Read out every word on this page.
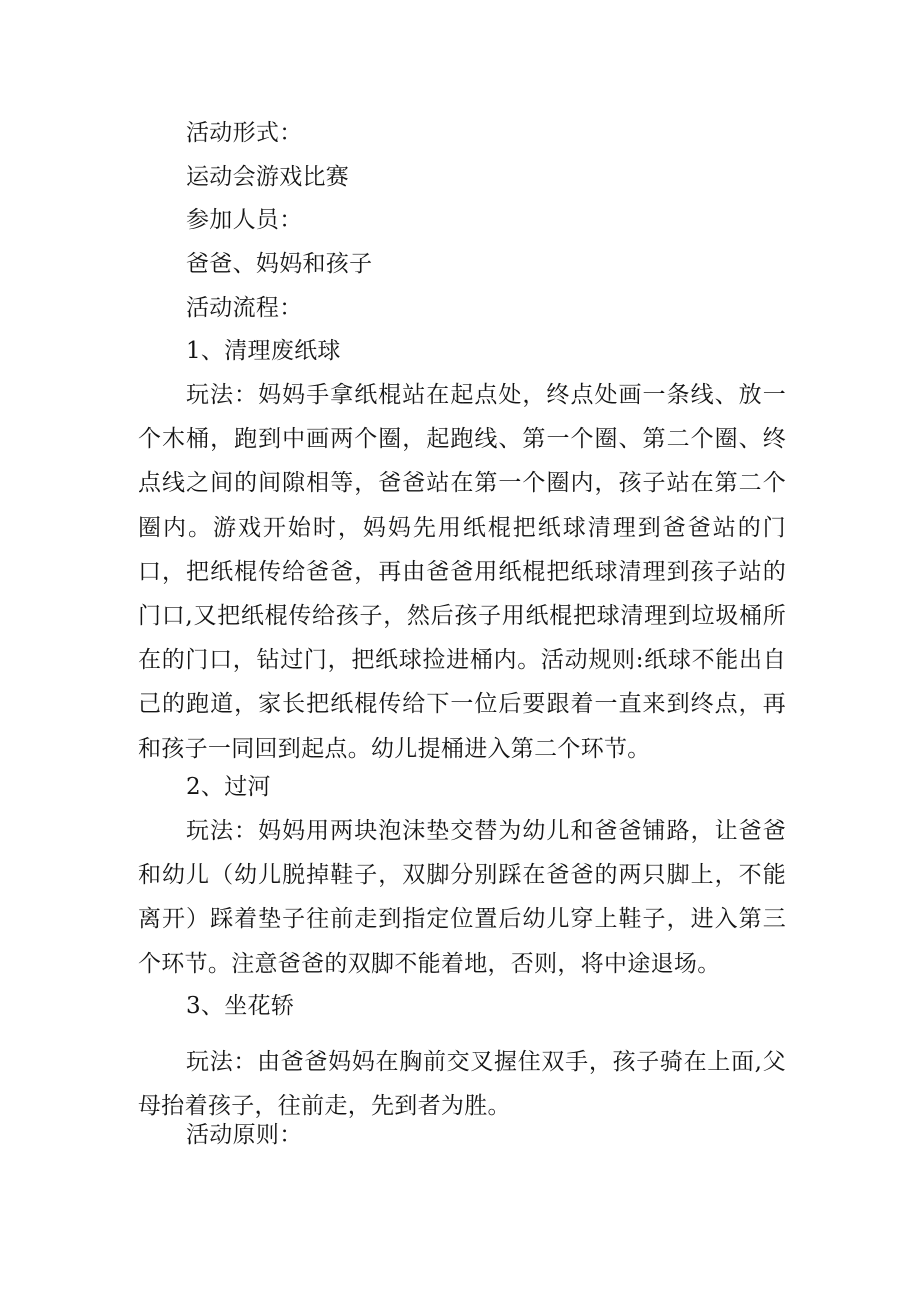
活动形式：

运动会游戏比赛

参加人员：

爸爸、妈妈和孩子

活动流程：

1、清理废纸球

玩法：妈妈手拿纸棍站在起点处，终点处画一条线、放一个木桶，跑到中画两个圈，起跑线、第一个圈、第二个圈、终点线之间的间隙相等，爸爸站在第一个圈内，孩子站在第二个圈内。游戏开始时，妈妈先用纸棍把纸球清理到爸爸站的门口，把纸棍传给爸爸，再由爸爸用纸棍把纸球清理到孩子站的门口,又把纸棍传给孩子，然后孩子用纸棍把球清理到垃圾桶所在的门口，钻过门，把纸球捡进桶内。活动规则:纸球不能出自己的跑道，家长把纸棍传给下一位后要跟着一直来到终点，再和孩子一同回到起点。幼儿提桶进入第二个环节。

2、过河

玩法：妈妈用两块泡沫垫交替为幼儿和爸爸铺路，让爸爸和幼儿（幼儿脱掉鞋子，双脚分别踩在爸爸的两只脚上，不能离开）踩着垫子往前走到指定位置后幼儿穿上鞋子，进入第三个环节。注意爸爸的双脚不能着地，否则，将中途退场。

3、坐花轿

玩法：由爸爸妈妈在胸前交叉握住双手，孩子骑在上面,父母抬着孩子，往前走，先到者为胜。

活动原则：
